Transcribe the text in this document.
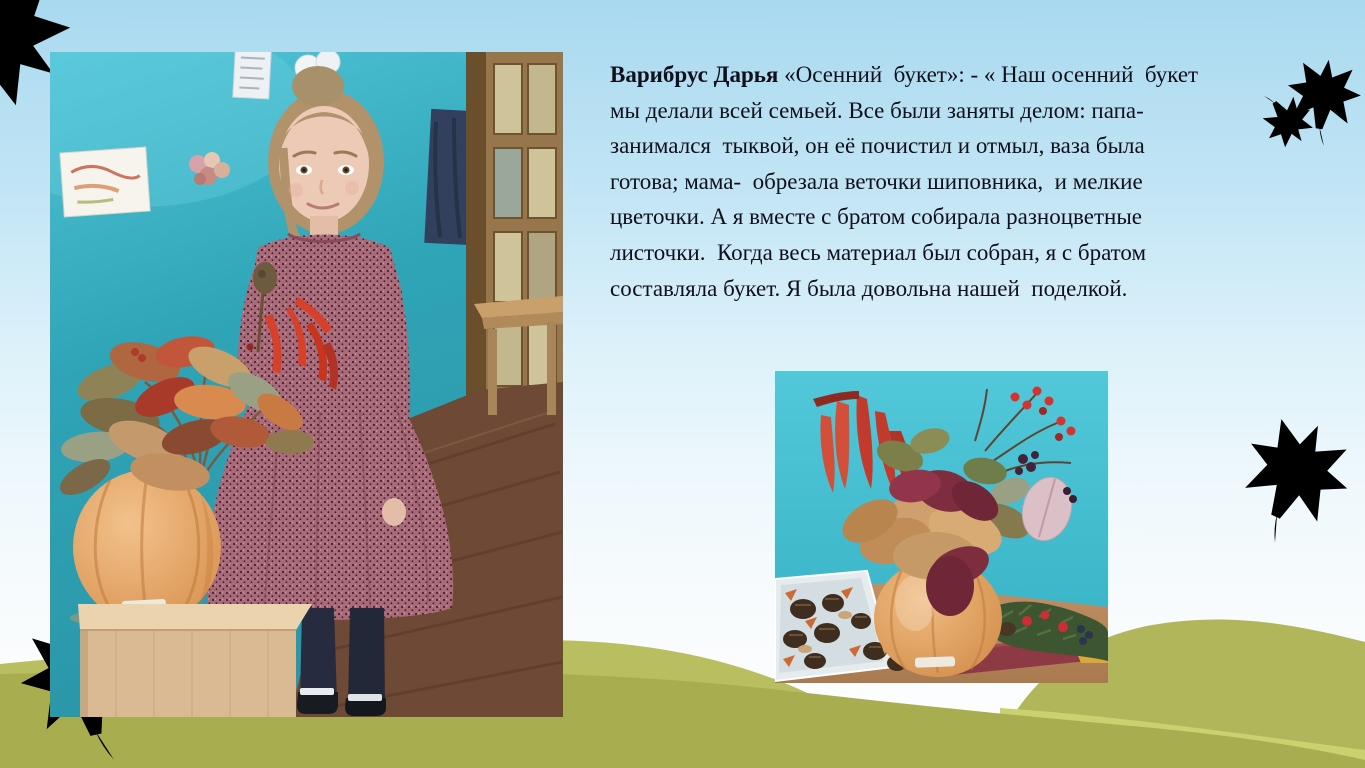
Варибрус Дарья «Осенний  букет»: - « Наш осенний  букет
мы делали всей семьей. Все были заняты делом: папа-
занимался  тыквой, он её почистил и отмыл, ваза была
готова; мама-  обрезала веточки шиповника,  и мелкие
цветочки. А я вместе с братом собирала разноцветные
листочки.  Когда весь материал был собран, я с братом
составляла букет. Я была довольна нашей  поделкой.
